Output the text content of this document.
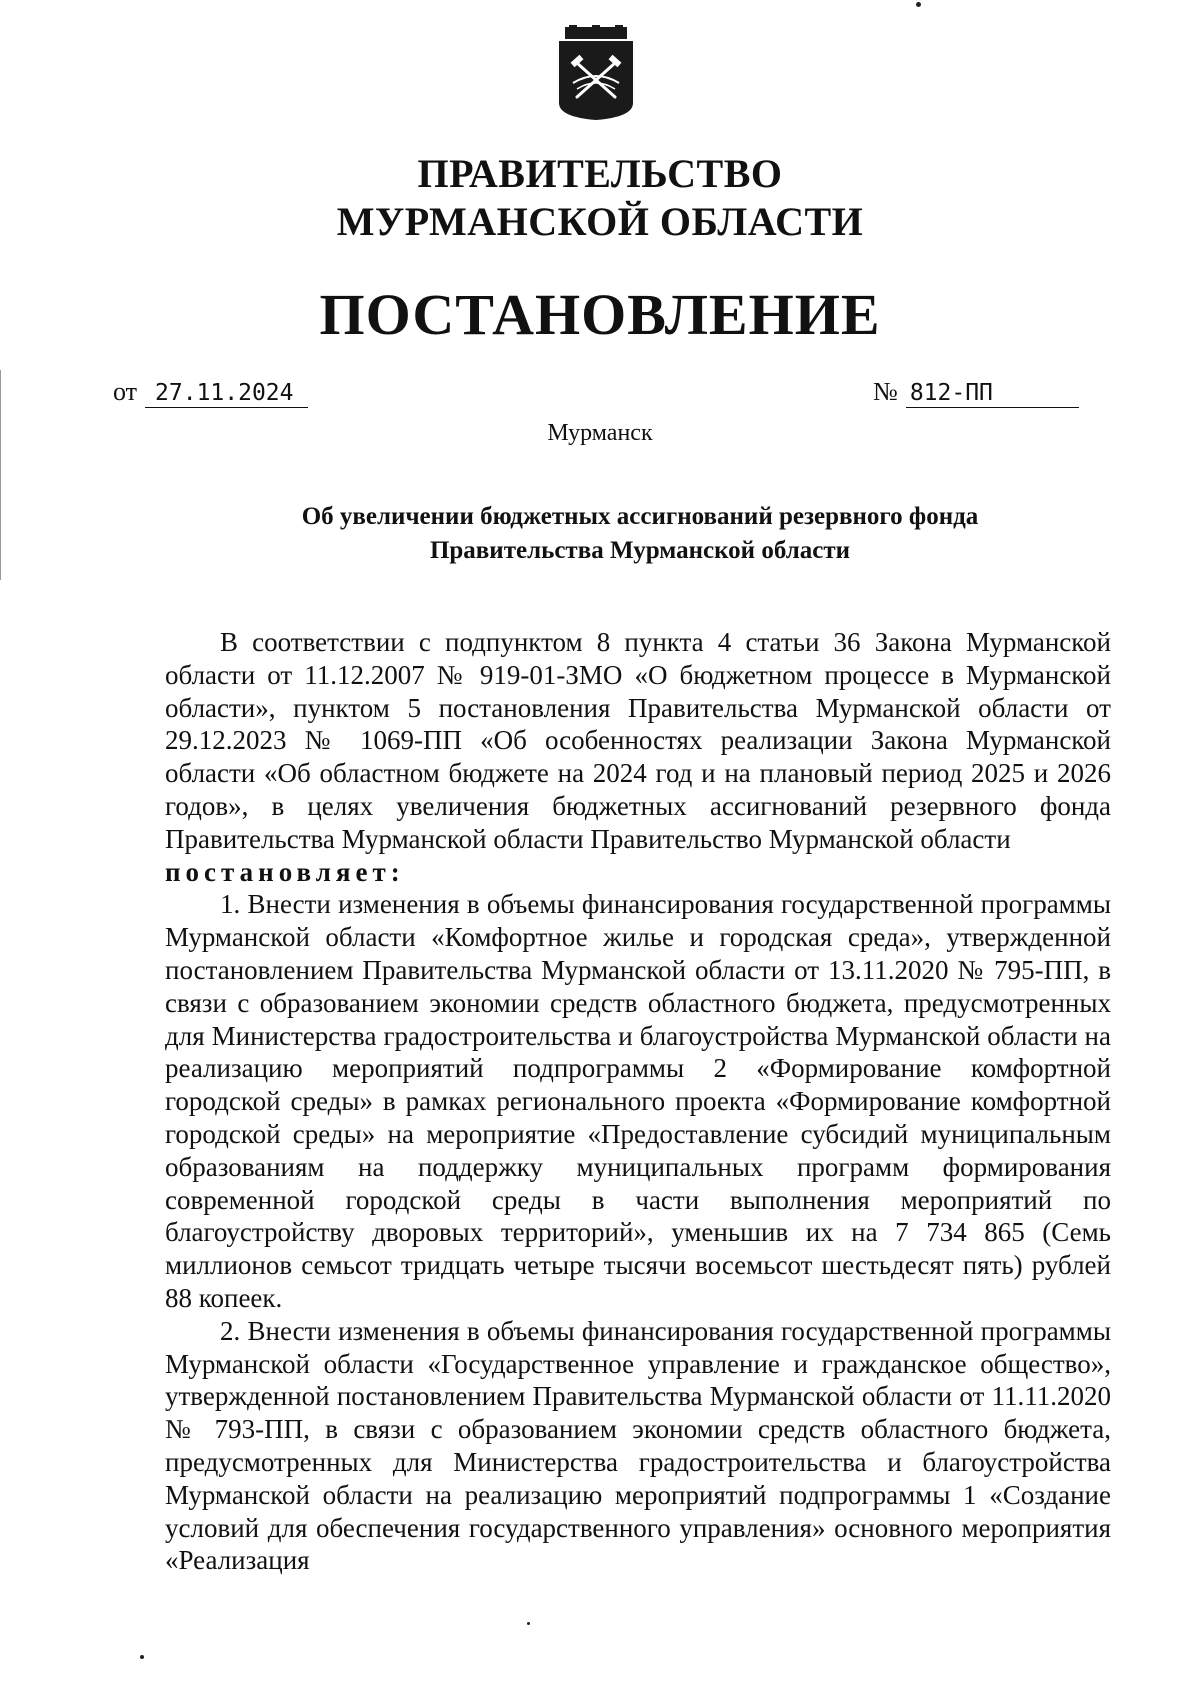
ПРАВИТЕЛЬСТВО
МУРМАНСКОЙ ОБЛАСТИ
ПОСТАНОВЛЕНИЕ
от 27.11.2024	№ 812-ПП
Мурманск
Об увеличении бюджетных ассигнований резервного фонда
Правительства Мурманской области

В соответствии с подпунктом 8 пункта 4 статьи 36 Закона Мурманской области от 11.12.2007 № 919-01-ЗМО «О бюджетном процессе в Мурманской области», пунктом 5 постановления Правительства Мурманской области от 29.12.2023 № 1069-ПП «Об особенностях реализации Закона Мурманской области «Об областном бюджете на 2024 год и на плановый период 2025 и 2026 годов», в целях увеличения бюджетных ассигнований резервного фонда Правительства Мурманской области Правительство Мурманской области

постановляет:

1. Внести изменения в объемы финансирования государственной программы Мурманской области «Комфортное жилье и городская среда», утвержденной постановлением Правительства Мурманской области от 13.11.2020 № 795-ПП, в связи с образованием экономии средств областного бюджета, предусмотренных для Министерства градостроительства и благоустройства Мурманской области на реализацию мероприятий подпрограммы 2 «Формирование комфортной городской среды» в рамках регионального проекта «Формирование комфортной городской среды» на мероприятие «Предоставление субсидий муниципальным образованиям на поддержку муниципальных программ формирования современной городской среды в части выполнения мероприятий по благоустройству дворовых территорий», уменьшив их на 7 734 865 (Семь миллионов семьсот тридцать четыре тысячи восемьсот шестьдесят пять) рублей 88 копеек.

2. Внести изменения в объемы финансирования государственной программы Мурманской области «Государственное управление и гражданское общество», утвержденной постановлением Правительства Мурманской области от 11.11.2020 № 793-ПП, в связи с образованием экономии средств областного бюджета, предусмотренных для Министерства градостроительства и благоустройства Мурманской области на реализацию мероприятий подпрограммы 1 «Создание условий для обеспечения государственного управления» основного мероприятия «Реализация
